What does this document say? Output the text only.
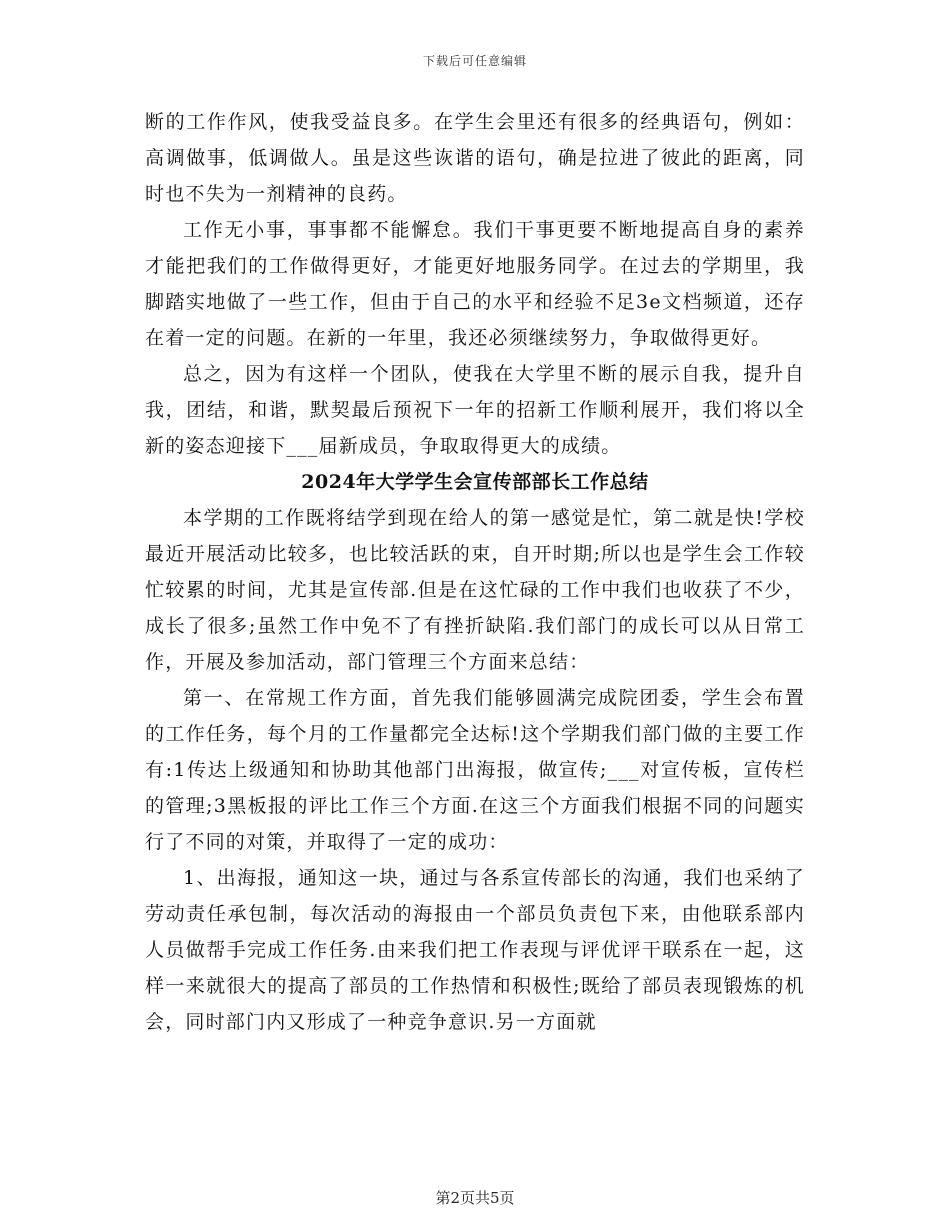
下载后可任意编辑

断的工作作风，使我受益良多。在学生会里还有很多的经典语句，例如：高调做事，低调做人。虽是这些诙谐的语句，确是拉进了彼此的距离，同时也不失为一剂精神的良药。

工作无小事，事事都不能懈怠。我们干事更要不断地提高自身的素养才能把我们的工作做得更好，才能更好地服务同学。在过去的学期里，我脚踏实地做了一些工作，但由于自己的水平和经验不足3e文档频道，还存在着一定的问题。在新的一年里，我还必须继续努力，争取做得更好。

总之，因为有这样一个团队，使我在大学里不断的展示自我，提升自我，团结，和谐，默契最后预祝下一年的招新工作顺利展开，我们将以全新的姿态迎接下___届新成员，争取取得更大的成绩。

2024年大学学生会宣传部部长工作总结

本学期的工作既将结学到现在给人的第一感觉是忙，第二就是快!学校最近开展活动比较多，也比较活跃的束，自开时期;所以也是学生会工作较忙较累的时间，尤其是宣传部.但是在这忙碌的工作中我们也收获了不少，成长了很多;虽然工作中免不了有挫折缺陷.我们部门的成长可以从日常工作，开展及参加活动，部门管理三个方面来总结：

第一、在常规工作方面，首先我们能够圆满完成院团委，学生会布置的工作任务，每个月的工作量都完全达标!这个学期我们部门做的主要工作有:1传达上级通知和协助其他部门出海报，做宣传;___对宣传板，宣传栏的管理;3黑板报的评比工作三个方面.在这三个方面我们根据不同的问题实行了不同的对策，并取得了一定的成功：

1、出海报，通知这一块，通过与各系宣传部长的沟通，我们也采纳了劳动责任承包制，每次活动的海报由一个部员负责包下来，由他联系部内人员做帮手完成工作任务.由来我们把工作表现与评优评干联系在一起，这样一来就很大的提高了部员的工作热情和积极性;既给了部员表现锻炼的机会，同时部门内又形成了一种竞争意识.另一方面就

第2页共5页
